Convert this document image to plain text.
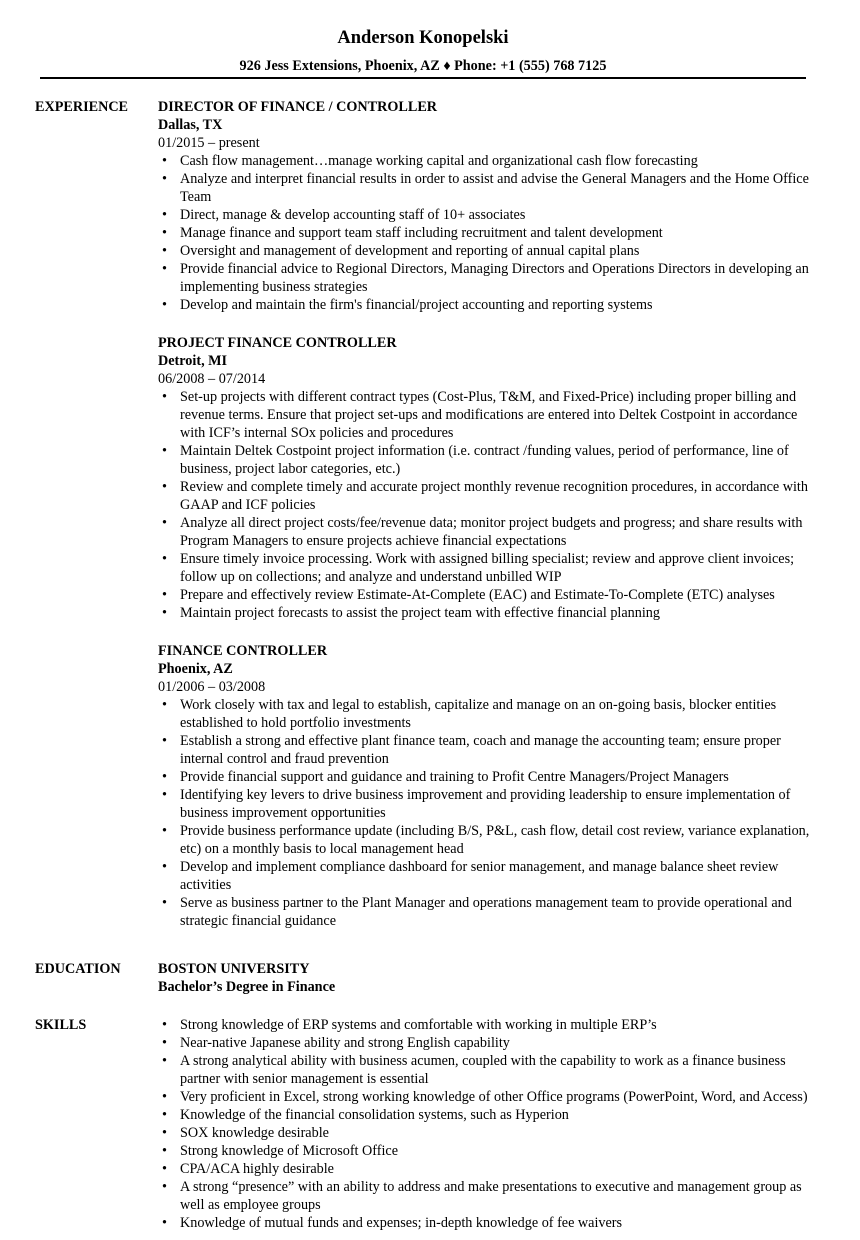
Anderson Konopelski
926 Jess Extensions, Phoenix, AZ ♦ Phone: +1 (555) 768 7125
EXPERIENCE DIRECTOR OF FINANCE / CONTROLLER
Dallas, TX
01/2015 – present
• Cash flow management…manage working capital and organizational cash flow forecasting
• Analyze and interpret financial results in order to assist and advise the General Managers and the Home Office Team
• Direct, manage & develop accounting staff of 10+ associates
• Manage finance and support team staff including recruitment and talent development
• Oversight and management of development and reporting of annual capital plans
• Provide financial advice to Regional Directors, Managing Directors and Operations Directors in developing an implementing business strategies
• Develop and maintain the firm's financial/project accounting and reporting systems
PROJECT FINANCE CONTROLLER
Detroit, MI
06/2008 – 07/2014
• Set-up projects with different contract types (Cost-Plus, T&M, and Fixed-Price) including proper billing and revenue terms. Ensure that project set-ups and modifications are entered into Deltek Costpoint in accordance with ICF’s internal SOx policies and procedures
• Maintain Deltek Costpoint project information (i.e. contract /funding values, period of performance, line of business, project labor categories, etc.)
• Review and complete timely and accurate project monthly revenue recognition procedures, in accordance with GAAP and ICF policies
• Analyze all direct project costs/fee/revenue data; monitor project budgets and progress; and share results with Program Managers to ensure projects achieve financial expectations
• Ensure timely invoice processing. Work with assigned billing specialist; review and approve client invoices; follow up on collections; and analyze and understand unbilled WIP
• Prepare and effectively review Estimate-At-Complete (EAC) and Estimate-To-Complete (ETC) analyses
• Maintain project forecasts to assist the project team with effective financial planning
FINANCE CONTROLLER
Phoenix, AZ
01/2006 – 03/2008
• Work closely with tax and legal to establish, capitalize and manage on an on-going basis, blocker entities established to hold portfolio investments
• Establish a strong and effective plant finance team, coach and manage the accounting team; ensure proper internal control and fraud prevention
• Provide financial support and guidance and training to Profit Centre Managers/Project Managers
• Identifying key levers to drive business improvement and providing leadership to ensure implementation of business improvement opportunities
• Provide business performance update (including B/S, P&L, cash flow, detail cost review, variance explanation, etc) on a monthly basis to local management head
• Develop and implement compliance dashboard for senior management, and manage balance sheet review activities
• Serve as business partner to the Plant Manager and operations management team to provide operational and strategic financial guidance
EDUCATION	BOSTON UNIVERSITY
Bachelor’s Degree in Finance
SKILLS
•	Strong knowledge of ERP systems and comfortable with working in multiple ERP’s
• Near-native Japanese ability and strong English capability
• A strong analytical ability with business acumen, coupled with the capability to work as a finance business partner with senior management is essential
• Very proficient in Excel, strong working knowledge of other Office programs (PowerPoint, Word, and Access)
• Knowledge of the financial consolidation systems, such as Hyperion
• SOX knowledge desirable
• Strong knowledge of Microsoft Office
• CPA/ACA highly desirable
• A strong “presence” with an ability to address and make presentations to executive and management group as well as employee groups
• Knowledge of mutual funds and expenses; in-depth knowledge of fee waivers
